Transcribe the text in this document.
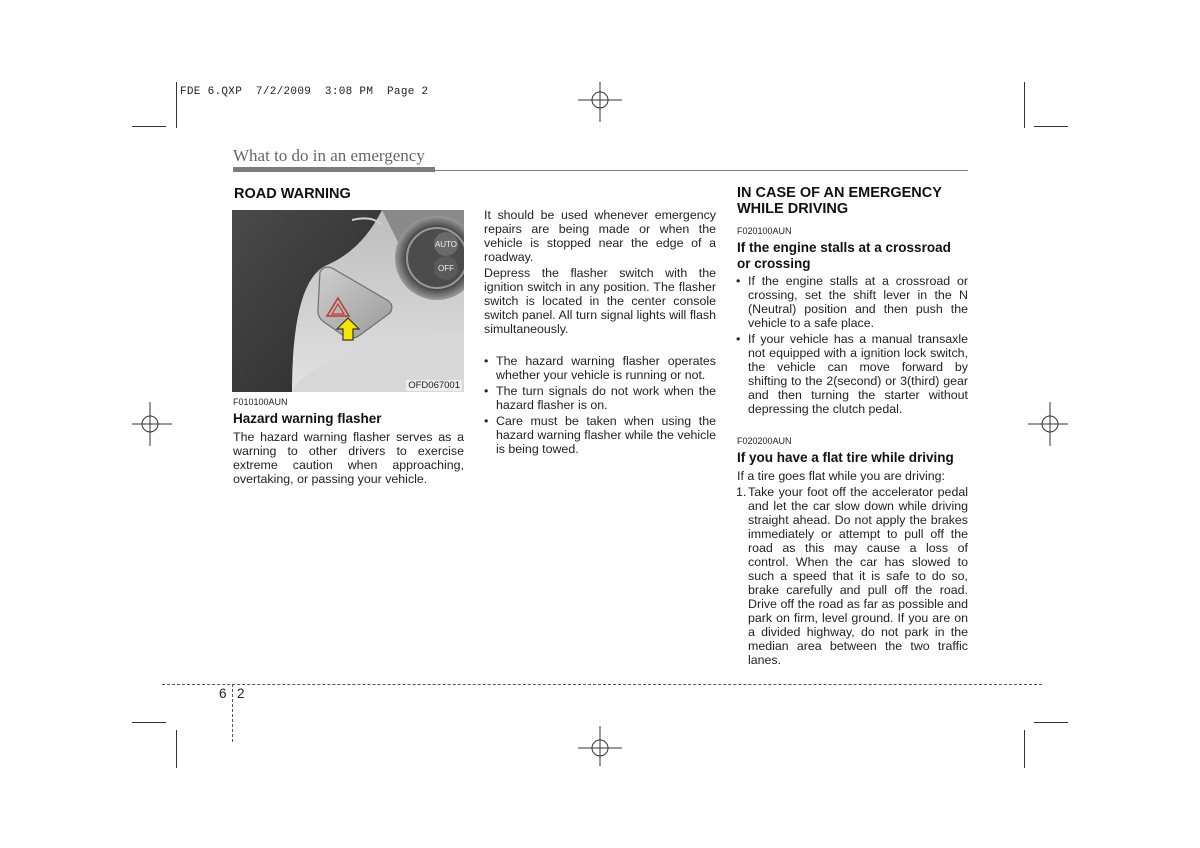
FDE 6.QXP  7/2/2009  3:08 PM  Page 2
What to do in an emergency
ROAD WARNING
AUTO
OFF
OFD067001
F010100AUN
Hazard warning flasher
The hazard warning flasher serves as a warning to other drivers to exercise extreme caution when approaching, overtaking, or passing your vehicle.
It should be used whenever emergency repairs are being made or when the vehicle is stopped near the edge of a roadway.
Depress the flasher switch with the ignition switch in any position. The flasher switch is located in the center console switch panel. All turn signal lights will flash simultaneously.
• The hazard warning flasher operates whether your vehicle is running or not.
• The turn signals do not work when the hazard flasher is on.
• Care must be taken when using the hazard warning flasher while the vehicle is being towed.
IN CASE OF AN EMERGENCY
WHILE DRIVING
F020100AUN
If the engine stalls at a crossroad
or crossing
• If the engine stalls at a crossroad or crossing, set the shift lever in the N (Neutral) position and then push the vehicle to a safe place.
• If your vehicle has a manual transaxle not equipped with a ignition lock switch, the vehicle can move forward by shifting to the 2(second) or 3(third) gear and then turning the starter without depressing the clutch pedal.
F020200AUN
If you have a flat tire while driving
If a tire goes flat while you are driving:
1. Take your foot off the accelerator pedal and let the car slow down while driving straight ahead. Do not apply the brakes immediately or attempt to pull off the road as this may cause a loss of control. When the car has slowed to such a speed that it is safe to do so, brake carefully and pull off the road. Drive off the road as far as possible and park on firm, level ground. If you are on a divided highway, do not park in the median area between the two traffic lanes.
6 2
